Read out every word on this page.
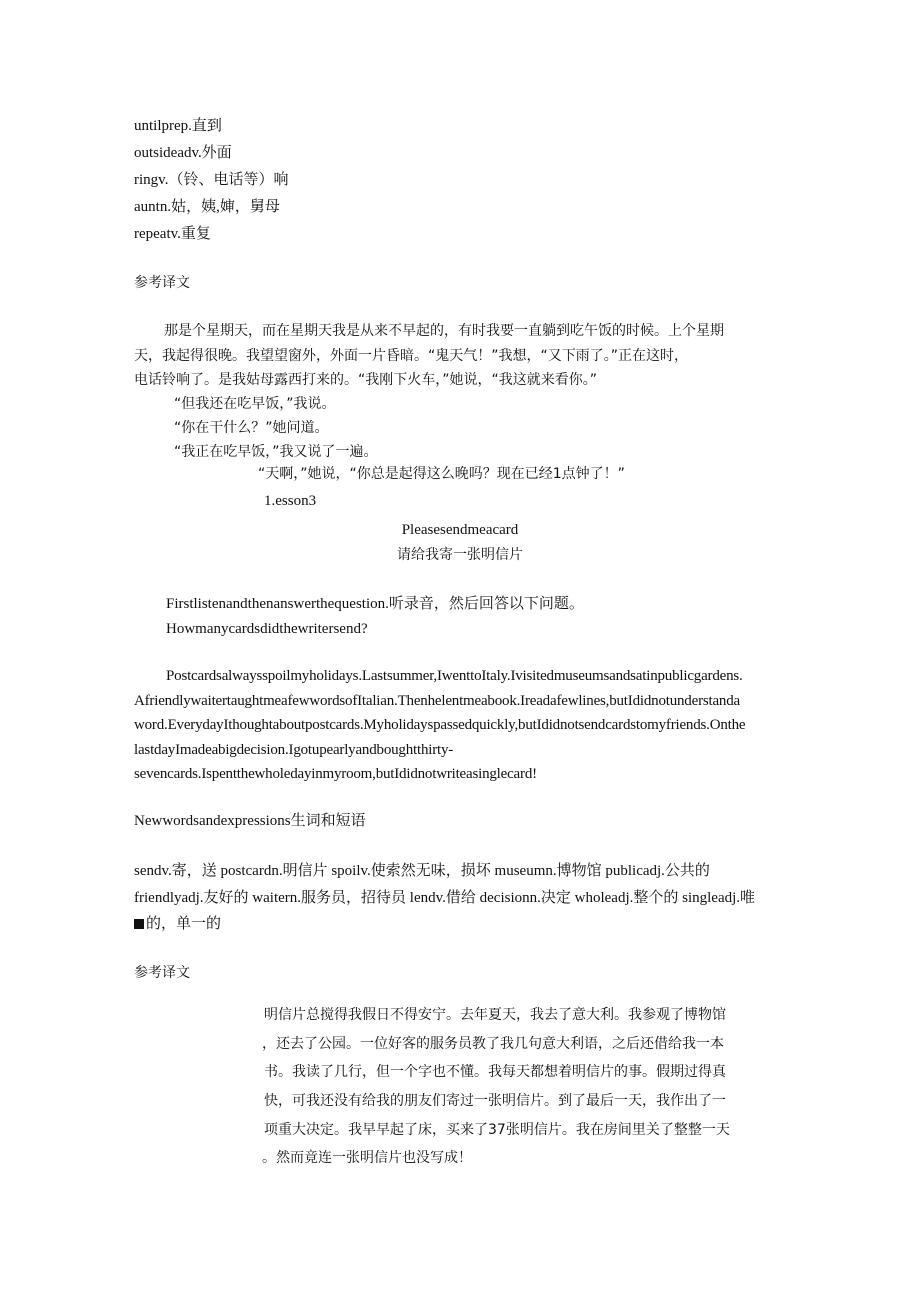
untilprep.直到
outsideadv.外面
ringv.（铃、电话等）响
auntn.姑，姨,婶，舅母
repeatv.重复
参考译文
那是个星期天，而在星期天我是从来不早起的，有时我要一直躺到吃午饭的时候。上个星期
天，我起得很晚。我望望窗外，外面一片昏暗。“鬼天气！”我想，“又下雨了。”正在这时，
电话铃响了。是我姑母露西打来的。“我刚下火车，”她说，“我这就来看你。”
“但我还在吃早饭，”我说。
“你在干什么？”她问道。
“我正在吃早饭，”我又说了一遍。
“天啊，”她说，“你总是起得这么晚吗？现在已经1点钟了！”
1.esson3
Pleasesendmeacard
请给我寄一张明信片
Firstlistenandthenanswerthequestion.听录音，然后回答以下问题。
Howmanycardsdidthewritersend?
Postcardsalwaysspoilmyholidays.Lastsummer,IwenttoItaly.Ivisitedmuseumsandsatinpublicgardens.
AfriendlywaitertaughtmeafewwordsofItalian.Thenhelentmeabook.Ireadafewlines,butIdidnotunderstanda
word.EverydayIthoughtaboutpostcards.Myholidayspassedquickly,butIdidnotsendcardstomyfriends.Onthe
lastdayImadeabigdecision.Igotupearlyandboughtthirty-
sevencards.Ispentthewholedayinmyroom,butIdidnotwriteasinglecard!
Newwordsandexpressions生词和短语
sendv.寄，送 postcardn.明信片 spoilv.使索然无味，损坏 museumn.博物馆 publicadj.公共的
friendlyadj.友好的 waitern.服务员，招待员 lendv.借给 decisionn.决定 wholeadj.整个的 singleadj.唯
的，单一的
参考译文
明信片总搅得我假日不得安宁。去年夏天，我去了意大利。我参观了博物馆
，还去了公园。一位好客的服务员教了我几句意大利语，之后还借给我一本
书。我读了几行，但一个字也不懂。我每天都想着明信片的事。假期过得真
快，可我还没有给我的朋友们寄过一张明信片。到了最后一天，我作出了一
项重大决定。我早早起了床，买来了37张明信片。我在房间里关了整整一天
。然而竟连一张明信片也没写成！
